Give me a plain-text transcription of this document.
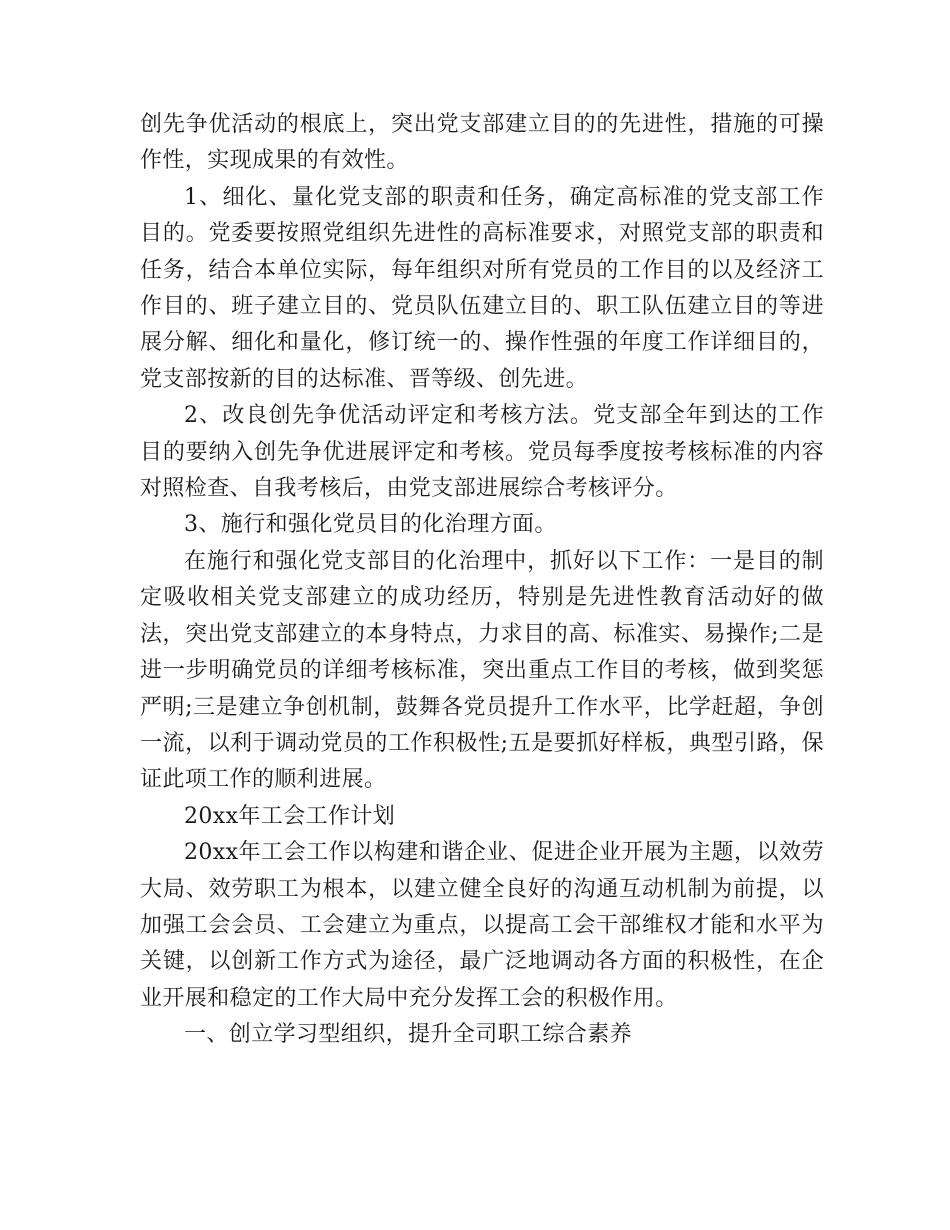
创先争优活动的根底上，突出党支部建立目的的先进性，措施的可操作性，实现成果的有效性。

1、细化、量化党支部的职责和任务，确定高标准的党支部工作目的。党委要按照党组织先进性的高标准要求，对照党支部的职责和任务，结合本单位实际，每年组织对所有党员的工作目的以及经济工作目的、班子建立目的、党员队伍建立目的、职工队伍建立目的等进展分解、细化和量化，修订统一的、操作性强的年度工作详细目的，党支部按新的目的达标准、晋等级、创先进。

2、改良创先争优活动评定和考核方法。党支部全年到达的工作目的要纳入创先争优进展评定和考核。党员每季度按考核标准的内容对照检查、自我考核后，由党支部进展综合考核评分。

3、施行和强化党员目的化治理方面。

在施行和强化党支部目的化治理中，抓好以下工作：一是目的制定吸收相关党支部建立的成功经历，特别是先进性教育活动好的做法，突出党支部建立的本身特点，力求目的高、标准实、易操作;二是进一步明确党员的详细考核标准，突出重点工作目的考核，做到奖惩严明;三是建立争创机制，鼓舞各党员提升工作水平，比学赶超，争创一流，以利于调动党员的工作积极性;五是要抓好样板，典型引路，保证此项工作的顺利进展。

20xx年工会工作计划

20xx年工会工作以构建和谐企业、促进企业开展为主题，以效劳大局、效劳职工为根本，以建立健全良好的沟通互动机制为前提，以加强工会会员、工会建立为重点，以提高工会干部维权才能和水平为关键，以创新工作方式为途径，最广泛地调动各方面的积极性，在企业开展和稳定的工作大局中充分发挥工会的积极作用。

一、创立学习型组织，提升全司职工综合素养
